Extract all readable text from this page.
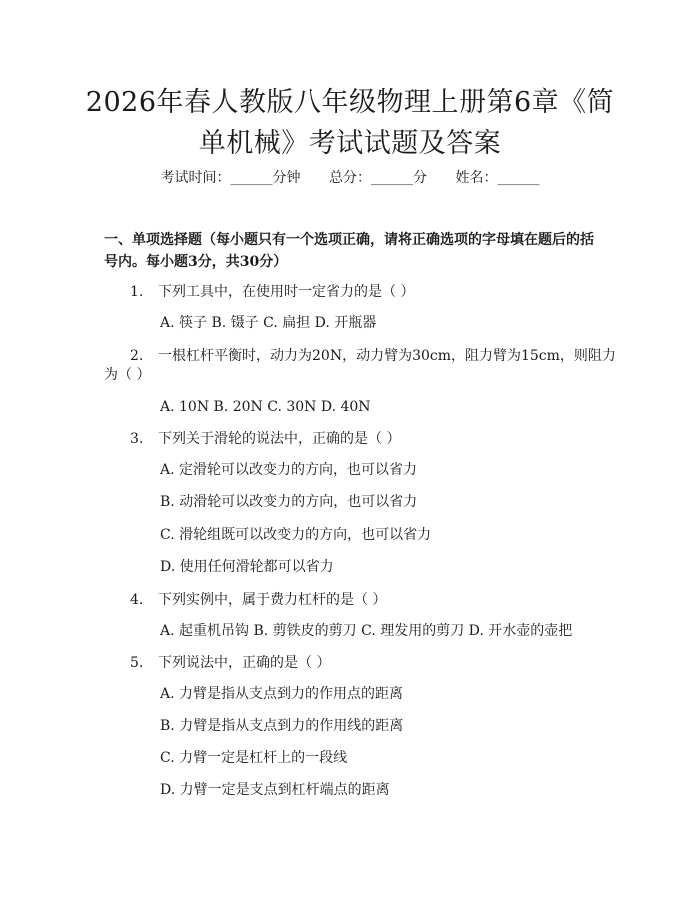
2026年春人教版八年级物理上册第6章《简
单机械》考试试题及答案
考试时间：______分钟 总分：______分 姓名：______
一、单项选择题（每小题只有一个选项正确，请将正确选项的字母填在题后的括
号内。每小题3分，共30分）
1. 下列工具中，在使用时一定省力的是（ ）
A. 筷子 B. 镊子 C. 扁担 D. 开瓶器
2. 一根杠杆平衡时，动力为20N，动力臂为30cm，阻力臂为15cm，则阻力
为（ ）
A. 10N B. 20N C. 30N D. 40N
3. 下列关于滑轮的说法中，正确的是（ ）
A. 定滑轮可以改变力的方向，也可以省力
B. 动滑轮可以改变力的方向，也可以省力
C. 滑轮组既可以改变力的方向，也可以省力
D. 使用任何滑轮都可以省力
4. 下列实例中，属于费力杠杆的是（ ）
A. 起重机吊钩 B. 剪铁皮的剪刀 C. 理发用的剪刀 D. 开水壶的壶把
5. 下列说法中，正确的是（ ）
A. 力臂是指从支点到力的作用点的距离
B. 力臂是指从支点到力的作用线的距离
C. 力臂一定是杠杆上的一段线
D. 力臂一定是支点到杠杆端点的距离
